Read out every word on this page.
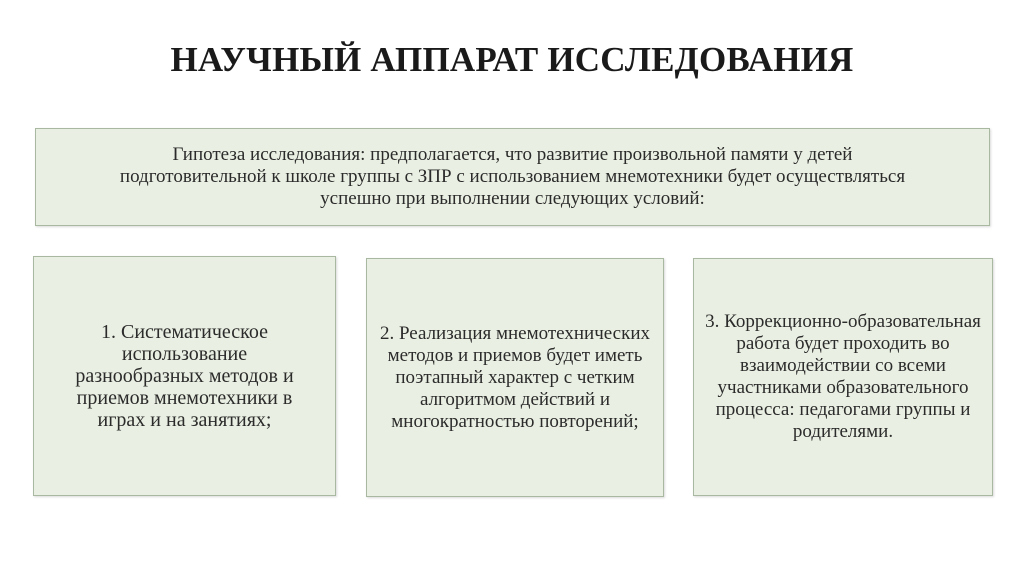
НАУЧНЫЙ АППАРАТ ИССЛЕДОВАНИЯ
Гипотеза исследования: предполагается, что развитие произвольной памяти у детей подготовительной к школе группы с ЗПР с использованием мнемотехники будет осуществляться успешно при выполнении следующих условий:
1. Систематическое использование разнообразных методов и приемов мнемотехники в играх и на занятиях;
2. Реализация мнемотехнических методов и приемов будет иметь поэтапный характер с четким алгоритмом действий и многократностью повторений;
3. Коррекционно-образовательная работа будет проходить во взаимодействии со всеми участниками образовательного процесса: педагогами группы и родителями.
